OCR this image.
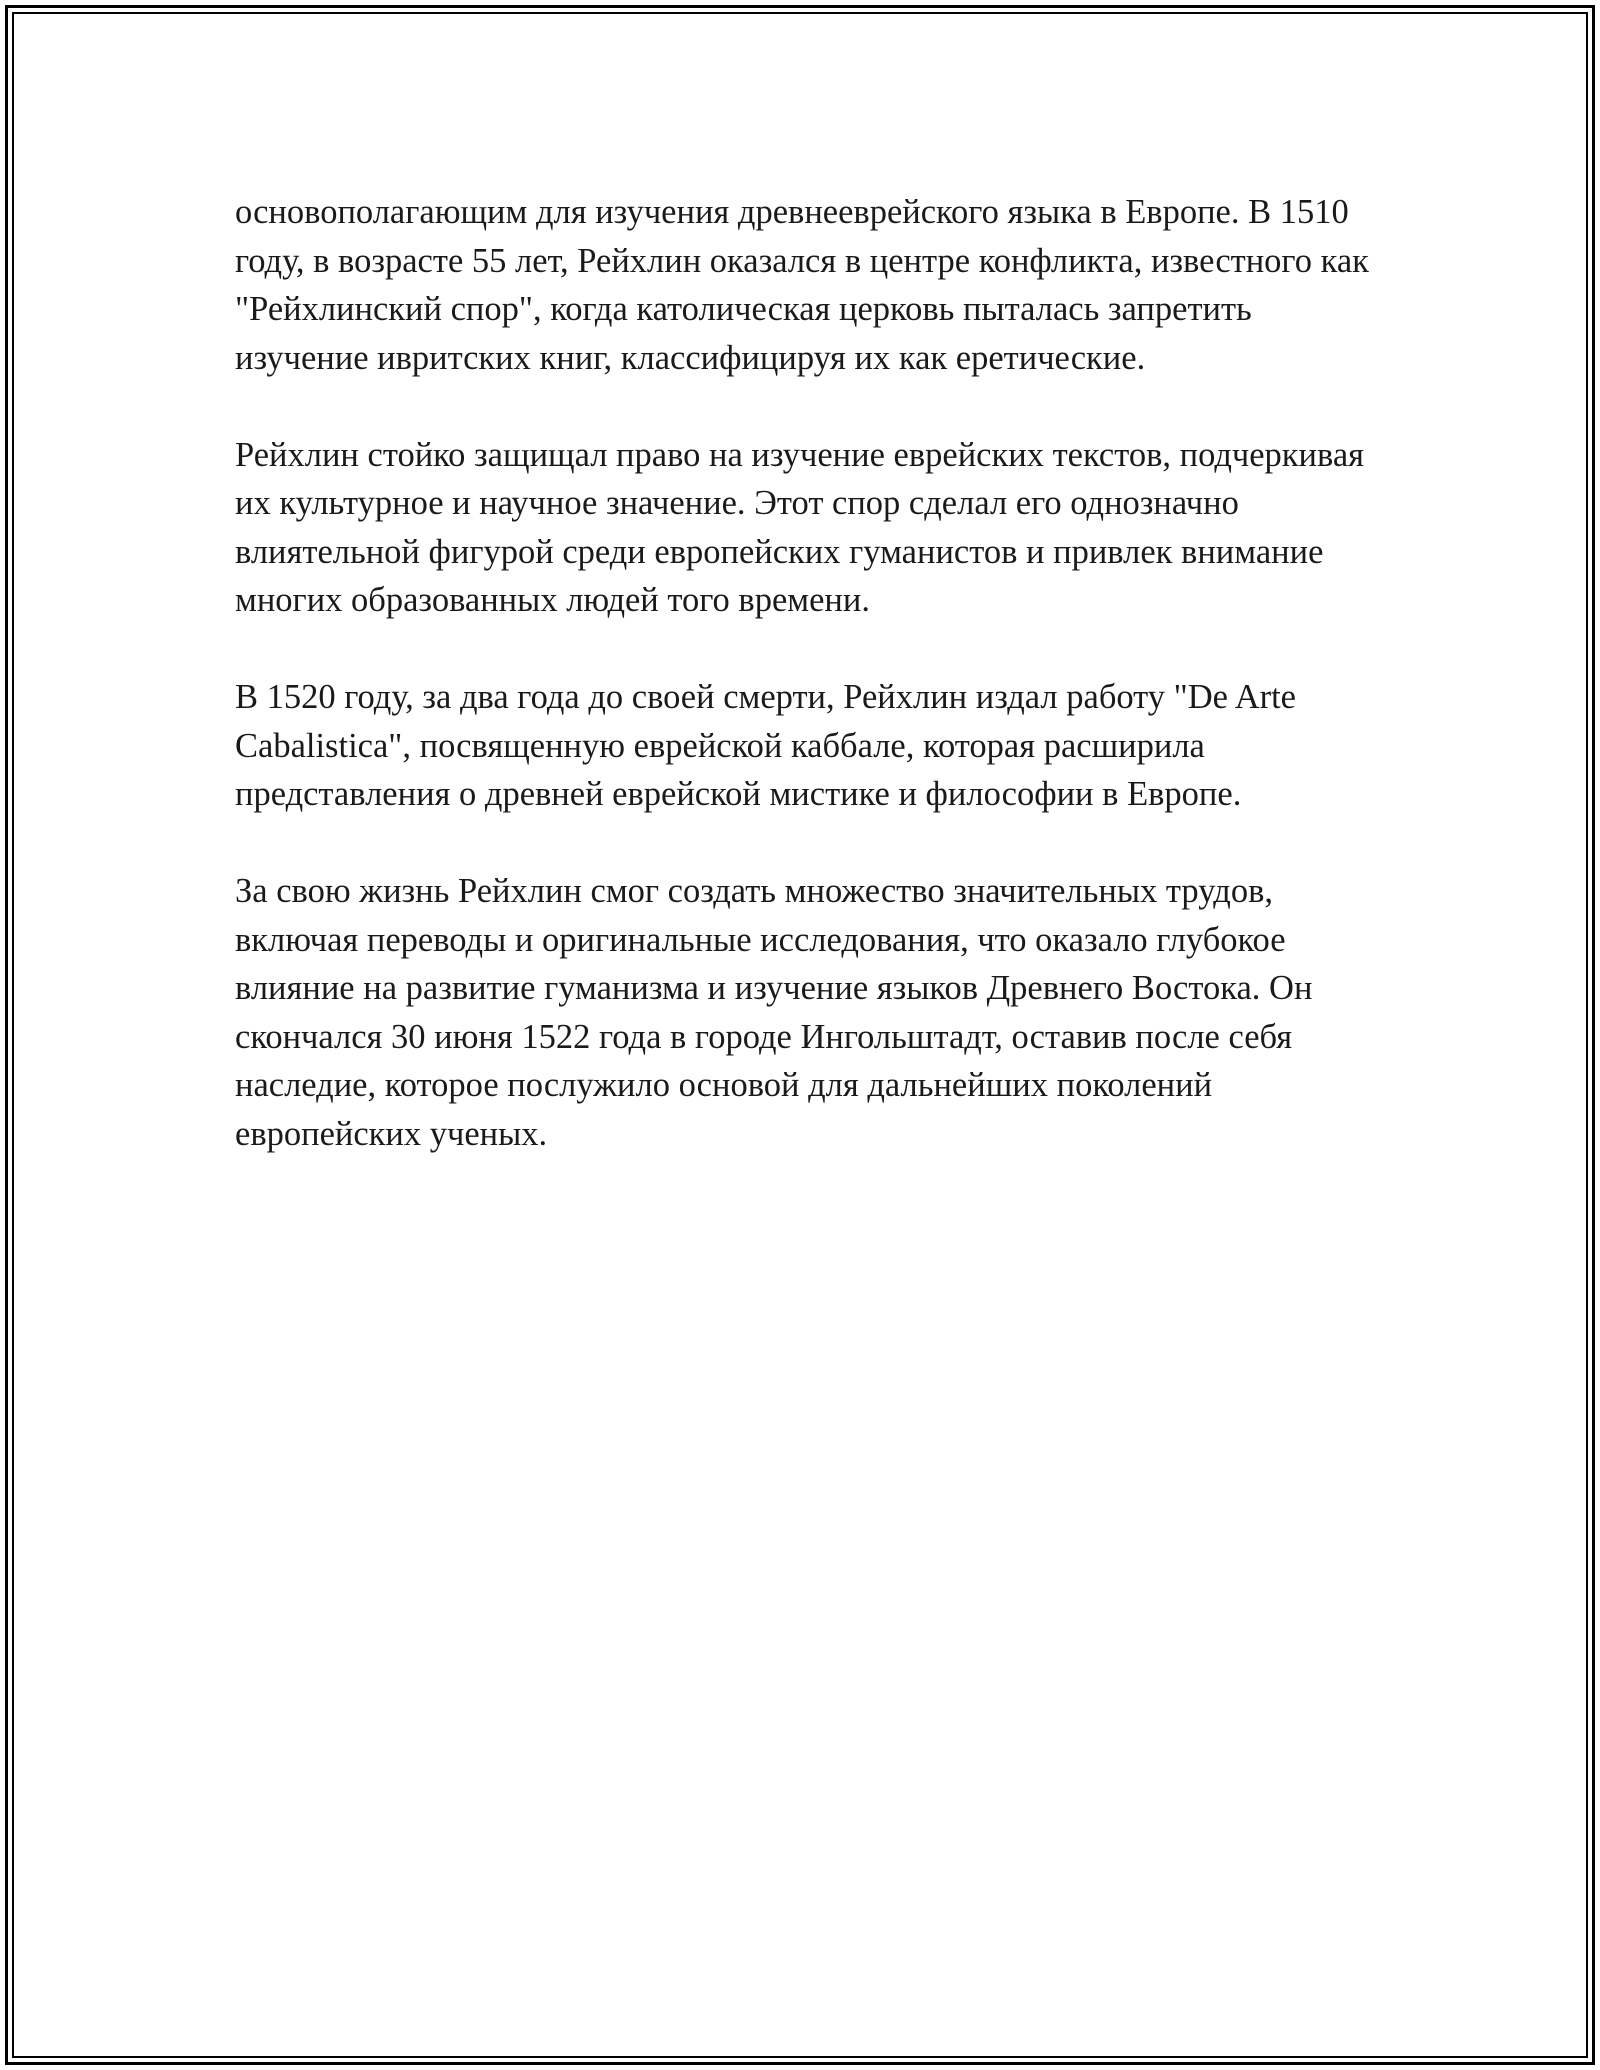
основополагающим для изучения древнееврейского языка в Европе. В 1510 году, в возрасте 55 лет, Рейхлин оказался в центре конфликта, известного как "Рейхлинский спор", когда католическая церковь пыталась запретить изучение ивритских книг, классифицируя их как еретические.

Рейхлин стойко защищал право на изучение еврейских текстов, подчеркивая их культурное и научное значение. Этот спор сделал его однозначно влиятельной фигурой среди европейских гуманистов и привлек внимание многих образованных людей того времени.

В 1520 году, за два года до своей смерти, Рейхлин издал работу "De Arte Cabalistica", посвященную еврейской каббале, которая расширила представления о древней еврейской мистике и философии в Европе.

За свою жизнь Рейхлин смог создать множество значительных трудов, включая переводы и оригинальные исследования, что оказало глубокое влияние на развитие гуманизма и изучение языков Древнего Востока. Он скончался 30 июня 1522 года в городе Ингольштадт, оставив после себя наследие, которое послужило основой для дальнейших поколений европейских ученых.
